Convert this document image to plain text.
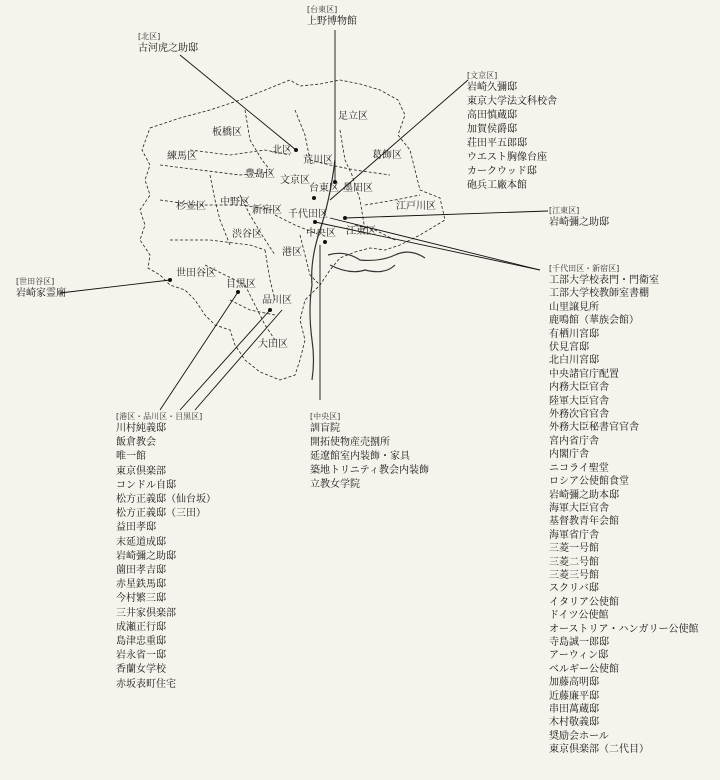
足立区
板橋区
北区
荒川区	葛飾区
練馬区
豊島区
文京区
台東区 墨田区
杉並区 中野区
新宿区 千代田区
江戸川区
渋谷区	中央区 江東区
港区
世田谷区
目黒区
品川区
大田区
[台東区]
上野博物館
[北区]
古河虎之助邸
[文京区]
岩崎久彌邸
東京大学法文科校舎
高田慎蔵邸
加賀侯爵邸
荘田平五郎邸
ウエスト胸像台座
カークウッド邸
砲兵工廠本館
[江東区]
岩崎彌之助邸
[世田谷区]
岩崎家霊廟
[千代田区・新宿区]
工部大学校表門・門衛室
工部大学校教師室書棚
山里譲見所
鹿鳴館（華族会館）
有栖川宮邸
伏見宮邸
北白川宮邸
中央諸官庁配置
内務大臣官舎
陸軍大臣官舎
外務次官官舎
外務大臣秘書官官舎
宮内省庁舎
内閣庁舎
ニコライ聖堂
ロシア公使館食堂
岩崎彌之助本邸
海軍大臣官舎
基督教青年会館
海軍省庁舎
三菱一号館
三菱二号館
三菱三号館
スクリバ邸
イタリア公使館
ドイツ公使館
オーストリア・ハンガリー公使館
寺島誠一郎邸
アーウィン邸
ベルギー公使館
加藤高明邸
近藤廉平邸
串田萬蔵邸
木村敬義邸
奨励会ホール
東京倶楽部（二代目）
[中央区]
訓盲院
開拓使物産売捌所
延遼館室内装飾・家具
築地トリニティ教会内装飾
立教女学院
[港区・品川区・目黒区]
川村純義邸
飯倉教会
唯一館
東京倶楽部
コンドル自邸
松方正義邸（仙台坂）
松方正義邸（三田）
益田孝邸
末延道成邸
岩崎彌之助邸
薗田孝吉邸
赤星鉄馬邸
今村繁三邸
三井家倶楽部
成瀬正行邸
島津忠重邸
岩永省一邸
香蘭女学校
赤坂表町住宅
